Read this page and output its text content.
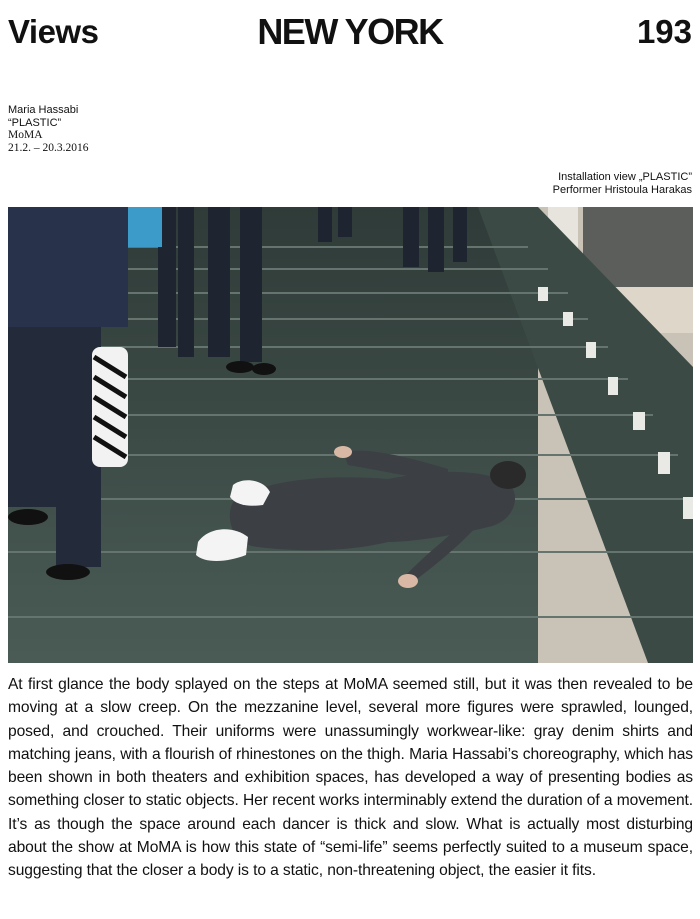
Views	NEW YORK	193
Maria Hassabi
“PLASTIC”
MoMA
21.2. – 20.3.2016
Installation view „PLASTIC”
Performer Hristoula Harakas
At first glance the body splayed on the steps at MoMA seemed still, but it was then revealed to be moving at a slow creep. On the mezzanine level, several more figures were sprawled, lounged, posed, and crouched. Their uniforms were unassumingly workwear-like: gray denim shirts and matching jeans, with a flourish of rhinestones on the thigh. Maria Hassabi’s choreography, which has been shown in both theaters and exhibition spaces, has developed a way of presenting bodies as something closer to static objects. Her recent works interminably extend the duration of a movement. It’s as though the space around each dancer is thick and slow. What is actually most disturbing about the show at MoMA is how this state of “semi-life” seems perfectly suited to a museum space, suggesting that the closer a body is to a static, non-threatening object, the easier it fits.
